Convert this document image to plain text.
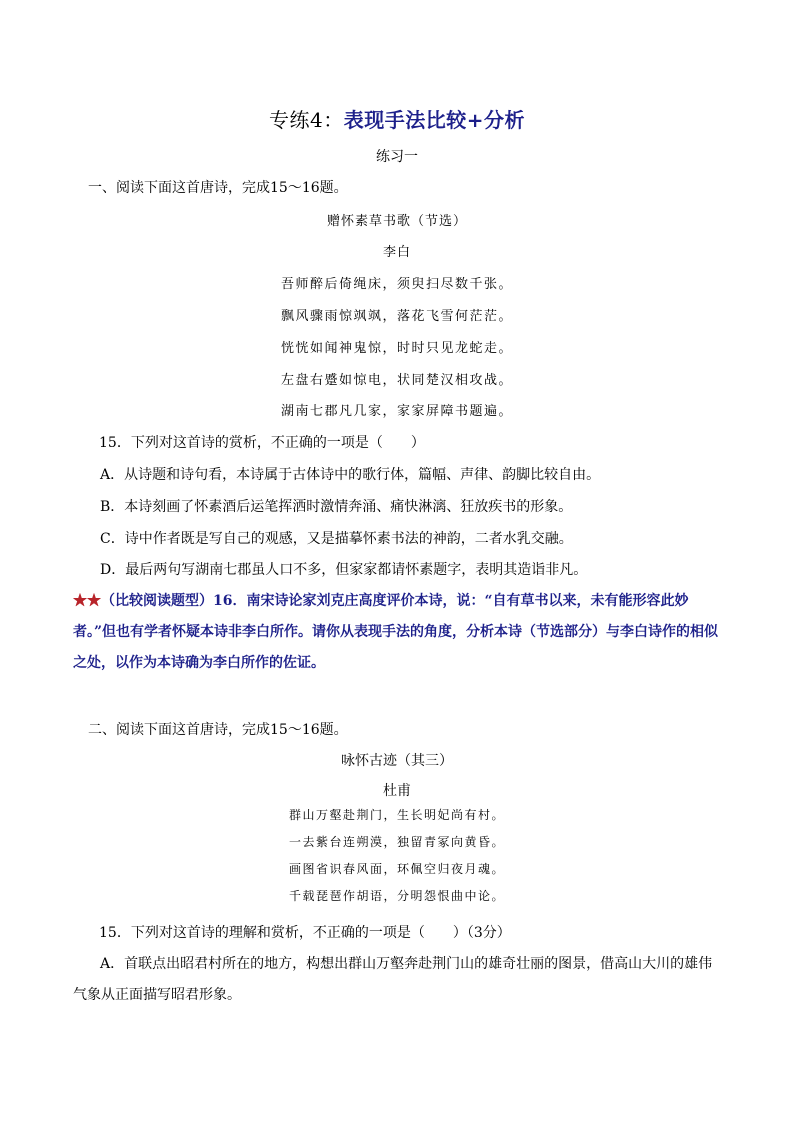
专练4：表现手法比较+分析
练习一
一、阅读下面这首唐诗，完成15～16题。
赠怀素草书歌（节选）
李白
吾师醉后倚绳床，须臾扫尽数千张。
飘风骤雨惊飒飒，落花飞雪何茫茫。
恍恍如闻神鬼惊，时时只见龙蛇走。
左盘右蹙如惊电，状同楚汉相攻战。
湖南七郡凡几家，家家屏障书题遍。
15．下列对这首诗的赏析，不正确的一项是（　　）
A．从诗题和诗句看，本诗属于古体诗中的歌行体，篇幅、声律、韵脚比较自由。
B．本诗刻画了怀素酒后运笔挥洒时激情奔涌、痛快淋漓、狂放疾书的形象。
C．诗中作者既是写自己的观感，又是描摹怀素书法的神韵，二者水乳交融。
D．最后两句写湖南七郡虽人口不多，但家家都请怀素题字，表明其造诣非凡。
★★（比较阅读题型）16．南宋诗论家刘克庄高度评价本诗，说：“自有草书以来，未有能形容此妙者。”但也有学者怀疑本诗非李白所作。请你从表现手法的角度，分析本诗（节选部分）与李白诗作的相似之处，以作为本诗确为李白所作的佐证。
二、阅读下面这首唐诗，完成15～16题。
咏怀古迹（其三）
杜甫
群山万壑赴荆门，生长明妃尚有村。
一去紫台连朔漠，独留青冢向黄昏。
画图省识春风面，环佩空归夜月魂。
千载琵琶作胡语，分明怨恨曲中论。
15．下列对这首诗的理解和赏析，不正确的一项是（　　）（3分）
A．首联点出昭君村所在的地方，构想出群山万壑奔赴荆门山的雄奇壮丽的图景，借高山大川的雄伟气象从正面描写昭君形象。
